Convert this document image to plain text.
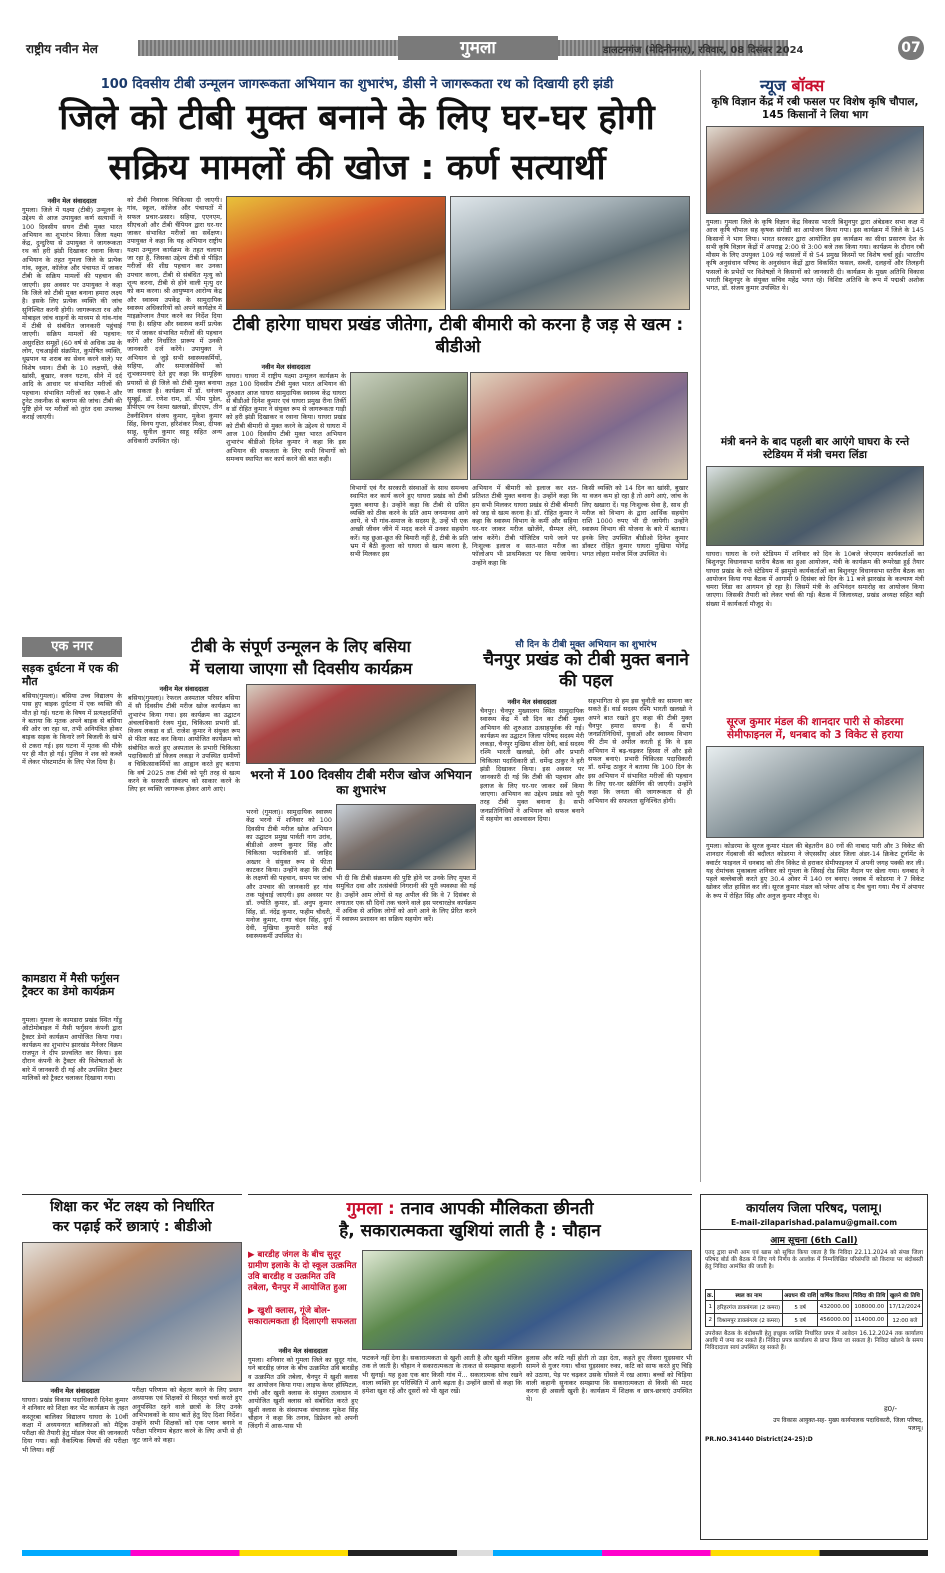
राष्ट्रीय नवीन मेल	गुमला	डालटनगंज (मेदिनीनगर), रविवार, 08 दिसंबर 2024	07
100 दिवसीय टीबी उन्मूलन जागरूकता अभियान का शुभारंभ, डीसी ने जागरूकता रथ को दिखायी हरी झंडी
जिले को टीबी मुक्त बनाने के लिए घर-घर होगी
सक्रिय मामलों की खोज : कर्ण सत्यार्थी
नवीन मेल संवाददाता
गुमला। जिले में यक्ष्मा (टीबी) उन्मूलन के उद्देश्य से आज उपायुक्त कर्ण सत्यार्थी ने 100 दिवसीय सघन टीबी मुक्त भारत अभियान का शुभारंभ किया। जिला यक्ष्मा केंद्र, दुन्दुरिया से उपायुक्त ने जागरूकता रथ को हरी झंडी दिखाकर रवाना किया। अभियान के तहत गुमला जिले के प्रत्येक गांव, स्कूल, कॉलेज और पंचायत में जाकर टीबी के सक्रिय मामलों की पहचान की जाएगी। इस अवसर पर उपायुक्त ने कहा कि जिले को टीबी मुक्त बनाना हमारा लक्ष्य है। इसके लिए प्रत्येक व्यक्ति की जांच सुनिश्चित करनी होगी। जागरूकता रथ और मोबाइल जांच वाहनों के माध्यम से गांव-गांव में टीबी से संबंधित जानकारी पहुंचाई जाएगी। सक्रिय मामलों की पहचान: असुरक्षित समूहों (60 वर्ष से अधिक उम्र के लोग, एचआईवी संक्रमित, कुपोषित व्यक्ति, धूम्रपान या शराब का सेवन करने वाले) पर विशेष ध्यान। टीबी के 10 लक्षणों, जैसे खांसी, बुखार, वजन घटना, सीने में दर्द आदि के आधार पर संभावित मरीजों की पहचान। संभावित मरीजों का एक्स-रे और ट्रूनेट तकनीक से बलगम की जांच। टीबी की पुष्टि होने पर मरीजों को तुरंत दवा उपलब्ध कराई जाएगी।
को टीबी निवारक चिकित्सा दी जाएगी। गांव, स्कूल, कॉलेज और पंचायतों में सफल प्रचार-प्रसार। सहिया, एएनएम, सीएचओ और टीबी चैंपियन द्वारा घर-घर जाकर संभावित मरीजों का सर्वेक्षण। उपायुक्त ने कहा कि यह अभियान राष्ट्रीय यक्ष्मा उन्मूलन कार्यक्रम के तहत चलाया जा रहा है, जिसका उद्देश्य टीबी से पीड़ित मरीजों की शीघ्र पहचान कर उनका उपचार करना, टीबी से संबंधित मृत्यु को शून्य करना, टीबी से होने वाली मृत्यु दर को कम करना। श्री आयुष्मान आरोग्य केंद्र और स्वास्थ्य उपकेंद्र के सामुदायिक स्वास्थ्य अधिकारियों को अपने कार्यक्षेत्र में माइक्रोप्लान तैयार करने का निर्देश दिया गया है। सहिया और स्वास्थ्य कर्मी प्रत्येक घर में जाकर संभावित मरीजों की पहचान करेंगे और निर्धारित प्रारूप में उनकी जानकारी दर्ज करेंगे। उपायुक्त ने अभियान से जुड़े सभी स्वास्थ्यकर्मियों, सहिया, और समाजसेवियों को शुभकामनाएं देते हुए कहा कि सामूहिक प्रयासों से ही जिले को टीबी मुक्त बनाया जा सकता है। कार्यक्रम में डॉ. धनंजय सुम्ब्रुई, डॉ. रणेश राम, डॉ. भीम पुडेल, डीपीएम ज्य रेशमा खलखो, डीएएम, तीन टेक्नीशियन संजय कुमार, मुकेश कुमार सिंह, विनय गुप्ता, हरिशंकर मिश्रा, दीपक साहू, सुनील कुमार साहू सहित अन्य अधिकारी उपस्थित रहे।
टीबी हारेगा घाघरा प्रखंड जीतेगा, टीबी बीमारी को करना है जड़ से खत्म : बीडीओ
नवीन मेल संवाददाता
घाघरा। घाघरा में राष्ट्रीय यक्ष्मा उन्मूलन कार्यक्रम के तहत 100 दिवसीय टीबी मुक्त भारत अभियान की शुरुआत आज घाघरा सामुदायिक स्वास्थ्य केंद्र घाघरा से बीडीओ दिनेश कुमार एवं घाघरा प्रमुख रीना तिर्की व डॉ रोहित कुमार ने संयुक्त रूप से जागरूकता गाड़ी को हरी झंडी दिखाकर व रवाना किया। घाघरा प्रखंड को टीबी बीमारी से मुक्त करने के उद्देश्य से घाघरा में आज 100 दिवसीय टीबी मुक्त भारत अभियान शुभारंभ बीडीओ दिनेश कुमार ने कहा कि इस अभियान की सफलता के लिए सभी विभागों को समन्वय स्थापित कर कार्य करने की बात कही।
विभागों एवं गैर सरकारी संस्थाओं के साथ समन्वय स्थापित कर कार्य करने हुए घाघरा प्रखंड को टीबी मुक्त बनाया है। उन्होंने कहा कि टीबी से ग्रसित व्यक्ति को ठीक करने के प्रति आम जनमानस आगे आये, वे भी गांव-समाज के सदस्य है, उन्हें भी एक अच्छी जीवन जीने में मदद करने में उनका सहयोग करें। यह छुआ-छूत की बिमारी नहीं है, टीबी के प्रति भ्रम में बैठी कुल्ता को घाघरा से खत्म करना है, सभी मिलकर इस
अभियान में बीमारी को इलाज कर शत-प्रतिशत टीबी मुक्त बनाना है। उन्होंने कहा कि हम सभी मिलकर घाघरा प्रखंड से टीबी बीमारी को जड़ से खत्म करना है। डॉ. रोहित कुमार ने कहा कि स्वास्थ्य विभाग के कर्मी और सहिया घर-घर जाकर मरीज खोजेंगे, सैम्पल लेंगे, जांच करेंगे। टीबी पॉजिटिव पाये जाने पर निःशुल्क इलाज व सात-सात मरीज का फॉलोअप भी प्राथमिकता पर किया जायेगा। उन्होंने कहा कि
किसी व्यक्ति को 14 दिन का खांसी, बुखार या वजन कम हो रहा है तो आगे आएं, जांच के लिए खखारा दें। यह निःशुल्क सेवा है, साथ ही मरीज को विभाग के द्वारा आर्थिक सहयोग राशि 1000 रुपए भी दी जायेगी। उन्होंने स्वास्थ्य विभाग की योजना के बारे में बताया। इनके लिए उपस्थित बीडीओ दिनेश कुमार डॉक्टर रोहित कुमार घाघरा मुखिया योगेंद्र भगत लोहरा मनोज मिंज उपस्थित थे।
एक नगर
सड़क दुर्घटना में एक की मौत
बसिया(गुमला)। बसिया उच्च विद्यालय के पास हुए बाइक दुर्घटना में एक व्यक्ति की मौत हो गई। घटना के विषय में प्रत्यक्षदर्शियों ने बताया कि मृतक अपने बाइक से बसिया की ओर जा रहा था, तभी अनियंत्रित होकर बाइक सड़क के किनारे लगे बिजली के खंभे से टकरा गई। इस घटना में मृतक की मौके पर ही मौत हो गई। पुलिस ने शव को कब्जे में लेकर पोस्टमार्टम के लिए भेज दिया है।
कामडारा में मैसी फर्गुसन ट्रैक्टर का डेमो कार्यक्रम
गुमला। गुमला के कामडारा प्रखंड स्थित गोंडु ऑटोमोबाइल में मैसी फर्गुसन कंपनी द्वारा ट्रैक्टर डेमो कार्यक्रम आयोजित किया गया। कार्यक्रम का शुभारंभ झारखंड मैनेजर विक्रम राजपूत ने दीप प्रज्वलित कर किया। इस दौरान कंपनी के ट्रैक्टर की विशेषताओं के बारे में जानकारी दी गई और उपस्थित ट्रैक्टर मालिकों को ट्रैक्टर चलाकर दिखाया गया।
टीबी के संपूर्ण उन्मूलन के लिए बसिया
में चलाया जाएगा सौ दिवसीय कार्यक्रम
नवीन मेल संवाददाता
बसिया(गुमला)। रेफरल अस्पताल परिसर बसिया में सौ दिवसीय टीबी मरीज खोज कार्यक्रम का शुभारंभ किया गया। इस कार्यक्रम का उद्घाटन अंचलाधिकारी रंजय मुंडा, चिकित्सा प्रभारी डॉ. विजय लकड़ा व डॉ. राजेश कुमार ने संयुक्त रूप से फीता काट कर किया। आयोजित कार्यक्रम को संबोधित करते हुए अस्पताल के प्रभारी चिकित्सा पदाधिकारी डॉ विजय लकड़ा ने उपस्थित ग्रामीणों व चिकित्साकर्मियों का आह्वान करते हुए बताया कि वर्ष 2025 तक टीबी को पूरी तरह से खत्म करने के सरकारी संकल्प को साकार करने के लिए हर व्यक्ति जागरूक होकर आगे आएं।
भरनो में 100 दिवसीय टीबी मरीज खोज अभियान का शुभारंभ
भरनो (गुमला)। सामुदायिक स्वास्थ्य केंद्र भरनो में शनिवार को 100 दिवसीय टीबी मरीज खोज अभियान का उद्घाटन प्रमुख पार्वती नाग उरांव, बीडीओ अरुण कुमार सिंह और चिकित्सा पदाधिकारी डॉ. जाहिद अख्तर ने संयुक्त रूप से फीता काटकर किया। उन्होंने कहा कि टीबी के लक्षणों की पहचान, समय पर जांच और उपचार की जानकारी हर गांव तक पहुंचाई जाएगी। इस अवसर पर डॉ. ज्योति कुमार, डॉ. अनुप कुमार सिंह, डॉ. नंदेंद्र कुमार, फहीम चौधरी, मनोज कुमार, राणा चंदन सिंह, दुर्गा देवी, मुखिया कुमारी समेत कई स्वास्थ्यकर्मी उपस्थित थे।
भी दी कि टीबी संक्रमण की पुष्टि होने पर उनके लिए मुफ्त में समुचित दवा और तत्संबंधी निगरानी की पूरी व्यवस्था की गई है। उन्होंने आम लोगों से यह अपील की कि वे 7 दिसंबर से लगातार एक सौ दिनों तक चलने वाले इस परचारक्षेत्र कार्यक्रम में अधिक से अधिक लोगों को आगे आने के लिए प्रेरित करने में स्वास्थ्य प्रशासन का सक्रिय सहयोग करें।
सौ दिन के टीबी मुक्त अभियान का शुभारंभ
चैनपुर प्रखंड को टीबी मुक्त बनाने की पहल
नवीन मेल संवाददाता
चैनपुर। चैनपुर मुख्यालय स्थित सामुदायिक स्वास्थ्य केंद्र में सौ दिन का टीबी मुक्त अभियान की शुरुआत उत्साहपूर्वक की गई। कार्यक्रम का उद्घाटन जिला परिषद सदस्य मेरी लकड़ा, चैनपुर मुखिया शीला देवी, बार्ड सदस्य रश्मि भारती खलखो, देवी और प्रभारी चिकित्सा पदाधिकारी डॉ. धर्मेन्द्र ठाकुर ने हरी झंडी दिखाकर किया। इस अवसर पर जानकारी दी गई कि टीबी की पहचान और इलाज के लिए घर-घर जाकर सर्वे किया जाएगा। अभियान का उद्देश्य प्रखंड को पूरी तरह टीबी मुक्त बनाना है। सभी जनप्रतिनिधियों ने अभियान को सफल बनाने में सहयोग का आश्वासन दिया।
सहभागिता से हम इस चुनौती का सामना कर सकते हैं। वार्ड सदस्य रश्मि भारती खलखो ने अपने बात रखते हुए कहा की टीबी मुक्त चैनपुर हमारा सपना है। मैं सभी जनप्रतिनिधियों, युवाओं और स्वास्थ्य विभाग की टीम से अपील करती हूं कि वे इस अभियान में बढ़-चढ़कर हिस्सा लें और इसे सफल बनाएं। प्रभारी चिकित्सा पदाधिकारी डॉ. धर्मेन्द्र ठाकुर ने बताया कि 100 दिन के इस अभियान में संभावित मरीजों की पहचान के लिए घर-घर स्क्रीनिंग की जाएगी। उन्होंने कहा कि जनता की जागरूकता से ही अभियान की सफलता सुनिश्चित होगी।
शिक्षा कर भेंट लक्ष्य को निर्धारित
कर पढ़ाई करें छात्राएं : बीडीओ
नवीन मेल संवाददाता
घाघरा। प्रखंड विकास पदाधिकारी दिनेश कुमार ने शनिवार को शिक्षा कर भेंट कार्यक्रम के तहत कस्तूरबा बालिका विद्यालय घाघरा के 10वीं कक्षा में अध्ययनरत बालिकाओं को मैट्रिक परीक्षा की तैयारी हेतु मॉडल पेपर की जानकारी दिया गया। बड़ी वैकल्पिक विषयों की परीक्षा भी लिया। वहीं
परीक्षा परिणाम को बेहतर करने के लिए प्रधान अध्यापक एवं शिक्षकों से विस्तृत चर्चा करते हुए अनुपस्थित रहने वाले छात्रों के लिए उनके अभिभावकों के साथ बातें हेतु दिए दिशा निर्देश। उन्होंने सभी शिक्षकों को एक प्लान बनाने व परीक्षा परिणाम बेहतर करने के लिए अभी से ही जुट जाने को कहा।
गुमला : तनाव आपकी मौलिकता छीनती
है, सकारात्मकता खुशियां लाती है : चौहान
▶ बारडीह जंगल के बीच सुदूर ग्रामीण इलाके के दो स्कूल उत्क्रमित उवि बारडीह व उत्क्रमित उवि तबेला, चैनपुर में आयोजित हुआ
▶ खुशी क्लास, गूंजे बोल- सकारात्मकता ही दिलाएगी सफलता
नवीन मेल संवाददाता
गुमला। शनिवार को गुमला जिले का सुदूर गांव, घने बारडीह जंगल के बीच उत्क्रमित उवि बारडीह व उत्क्रमित उवि तबेला, चैनपुर में खुशी क्लास का आयोजन किया गया। लाइफ केयर हॉस्पिटल, रांची और खुशी क्लास के संयुक्त तत्वाधान में आयोजित खुशी क्लास को संबोधित करते हुए खुशी क्लास के संस्थापक संचालक मुकेश सिंह चौहान ने कहा कि तनाव, डिप्रेशन को अपनी जिंदगी में आस-पास भी
फटकने नहीं देना है। सकारात्मकता से खुशी आती है और खुशी मंजिल तक ले जाती है। चौहान ने सकारात्मकता के ताकत से समझाया कहानी भी सुनाई। यह हुआ एक बार किसी गांव में... सकारात्मक सोच रखने वाला व्यक्ति हर परिस्थिति में आगे बढ़ता है। उन्होंने छात्रों से कहा कि हमेशा खुश रहें और दूसरों को भी खुश रखें।
हुलास और कटि नहीं होती तो उड़ा देता, कहते हुए तीसरा घुड़सवार भी सामने से गुजर गया। चौथा घुड़सवार रुका, कटि को साफ करते हुए चिड़ि को उठाया, पेड़ पर चढ़कर उसके घोंसले में रख आया। बच्चों को चिड़िया वाली कहानी सुनाकर समझाया कि सकारात्मकता से किसी की मदद करना ही असली खुशी है। कार्यक्रम में शिक्षक व छात्र-छात्राएं उपस्थित थे।
न्यूज बॉक्स
कृषि विज्ञान केंद्र में रबी फसल पर विशेष कृषि चौपाल, 145 किसानों ने लिया भाग
गुमला। गुमला जिले के कृषि विज्ञान केंद्र विकास भारती बिशुनपुर द्वारा अंबेडकर सभा कक्ष में आज कृषि चौपाल सह कृषक संगोष्ठी का आयोजन किया गया। इस कार्यक्रम में जिले के 145 किसानों ने भाग लिया। भारत सरकार द्वारा आयोजित इस कार्यक्रम का सीधा प्रसारण देश के सभी कृषि विज्ञान केंद्रों में अपराह्न 2:00 से 3:00 बजे तक किया गया। कार्यक्रम के दौरान रबी मौसम के लिए उपयुक्त 109 नई फसलों में से 54 प्रमुख किस्मों पर विशेष चर्चा हुई। भारतीय कृषि अनुसंधान परिषद के अनुसंधान केंद्रों द्वारा विकसित फसल, सब्जी, दलहनों और तिलहनी फसलों के प्रभेदों पर विशेषज्ञों ने किसानों को जानकारी दी। कार्यक्रम के मुख्य अतिथि विकास भारती बिशुनपुर के संयुक्त सचिव महेंद्र भगत रहे। विशिष्ट अतिथि के रूप में पद्मश्री अशोक भगत, डॉ. संजय कुमार उपस्थित थे।
मंत्री बनने के बाद पहली बार आएंगे घाघरा के रन्ते स्टेडियम में मंत्री चमरा लिंडा
घाघरा। घाघरा के रन्ते स्टेडियम में शनिवार को दिन के 10बजे जेएमएम कार्यकर्ताओं का बिशुनपुर विधानसभा स्तरीय बैठक का हुआ आयोजन, मंत्री के कार्यक्रम की रूपरेखा हुई तैयार घाघरा प्रखंड के रन्ते स्टेडियम में झामुमो कार्यकर्ताओं का बिशुनपुर विधानसभा स्तरीय बैठक का आयोजन किया गया बैठक में आगामी 9 दिसंबर को दिन के 11 बजे झारखंड के कल्याण मंत्री चमरा लिंडा का आगमन हो रहा है। जिसमें मंत्री के अभिनंदन समारोह का आयोजन किया जाएगा। जिसकी तैयारी को लेकर चर्चा की गई। बैठक में जिलाध्यक्ष, प्रखंड अध्यक्ष सहित बड़ी संख्या में कार्यकर्ता मौजूद थे।
सूरज कुमार मंडल की शानदार पारी से कोडरमा सेमीफाइनल में, धनबाद को 3 विकेट से हराया
गुमला। कोडरमा के सूरज कुमार मंडल की बेहतरीन 80 रनों की नाबाद पारी और 3 विकेट की शानदार गेंदबाजी की बदौलत कोडरमा ने जेएससीए अंडर जिला अंडर-14 क्रिकेट टूर्नामेंट के क्वार्टर फाइनल में धनबाद को तीन विकेट से हराकर सेमीफाइनल में अपनी जगह पक्की कर ली। यह रोमांचक मुकाबला शनिवार को गुमला के सिसई रोड स्थित मैदान पर खेला गया। धनबाद ने पहले बल्लेबाजी करते हुए 30.4 ओवर में 140 रन बनाए। जवाब में कोडरमा ने 7 विकेट खोकर जीत हासिल कर ली। सूरज कुमार मंडल को प्लेयर ऑफ द मैच चुना गया। मैच में अंपायर के रूप में रोहित सिंह और अनुज कुमार मौजूद थे।
कार्यालय जिला परिषद, पलामू।
E-mail-zilaparishad.palamu@gmail.com
आम सूचना (6th Call)
एतद् द्वारा सभी आम एवं खास को सूचित किया जाता है कि निविदा 22.11.2024 को संपन्न जिला परिषद बोर्ड की बैठक में लिए गये निर्णय के आलोक में निम्नलिखित परिसंपत्ति को किराया पर बंदोबस्ती हेतु निविदा आमंत्रित की जाती है।
क्र.	स्थल का नाम	अग्रधन की राशि	वार्षिक किराया	निविदा की तिथि	खुलने की तिथि
1	हरिहरगंज डाकबंगला (2 कमरा)	5 वर्ष	432000.00	108000.00	17/12/2024
2	विश्रामपुर डाकबंगला (2 कमरा)	5 वर्ष	456000.00	114000.00	12:00 बजे
उपरोक्त बैठक के बंदोबस्ती हेतु इच्छुक व्यक्ति निर्धारित प्रपत्र में आवेदन 16.12.2024 तक कार्यालय अवधि में जमा कर सकते हैं। निविदा प्रपत्र कार्यालय से प्राप्त किया जा सकता है। निविदा खोलने के समय निविदादाता स्वयं उपस्थित रह सकते हैं।
ह0/-
उप विकास आयुक्त-सह- मुख्य कार्यपालक पदाधिकारी, जिला परिषद, पलामू।
PR.NO.341440 District(24-25):D
